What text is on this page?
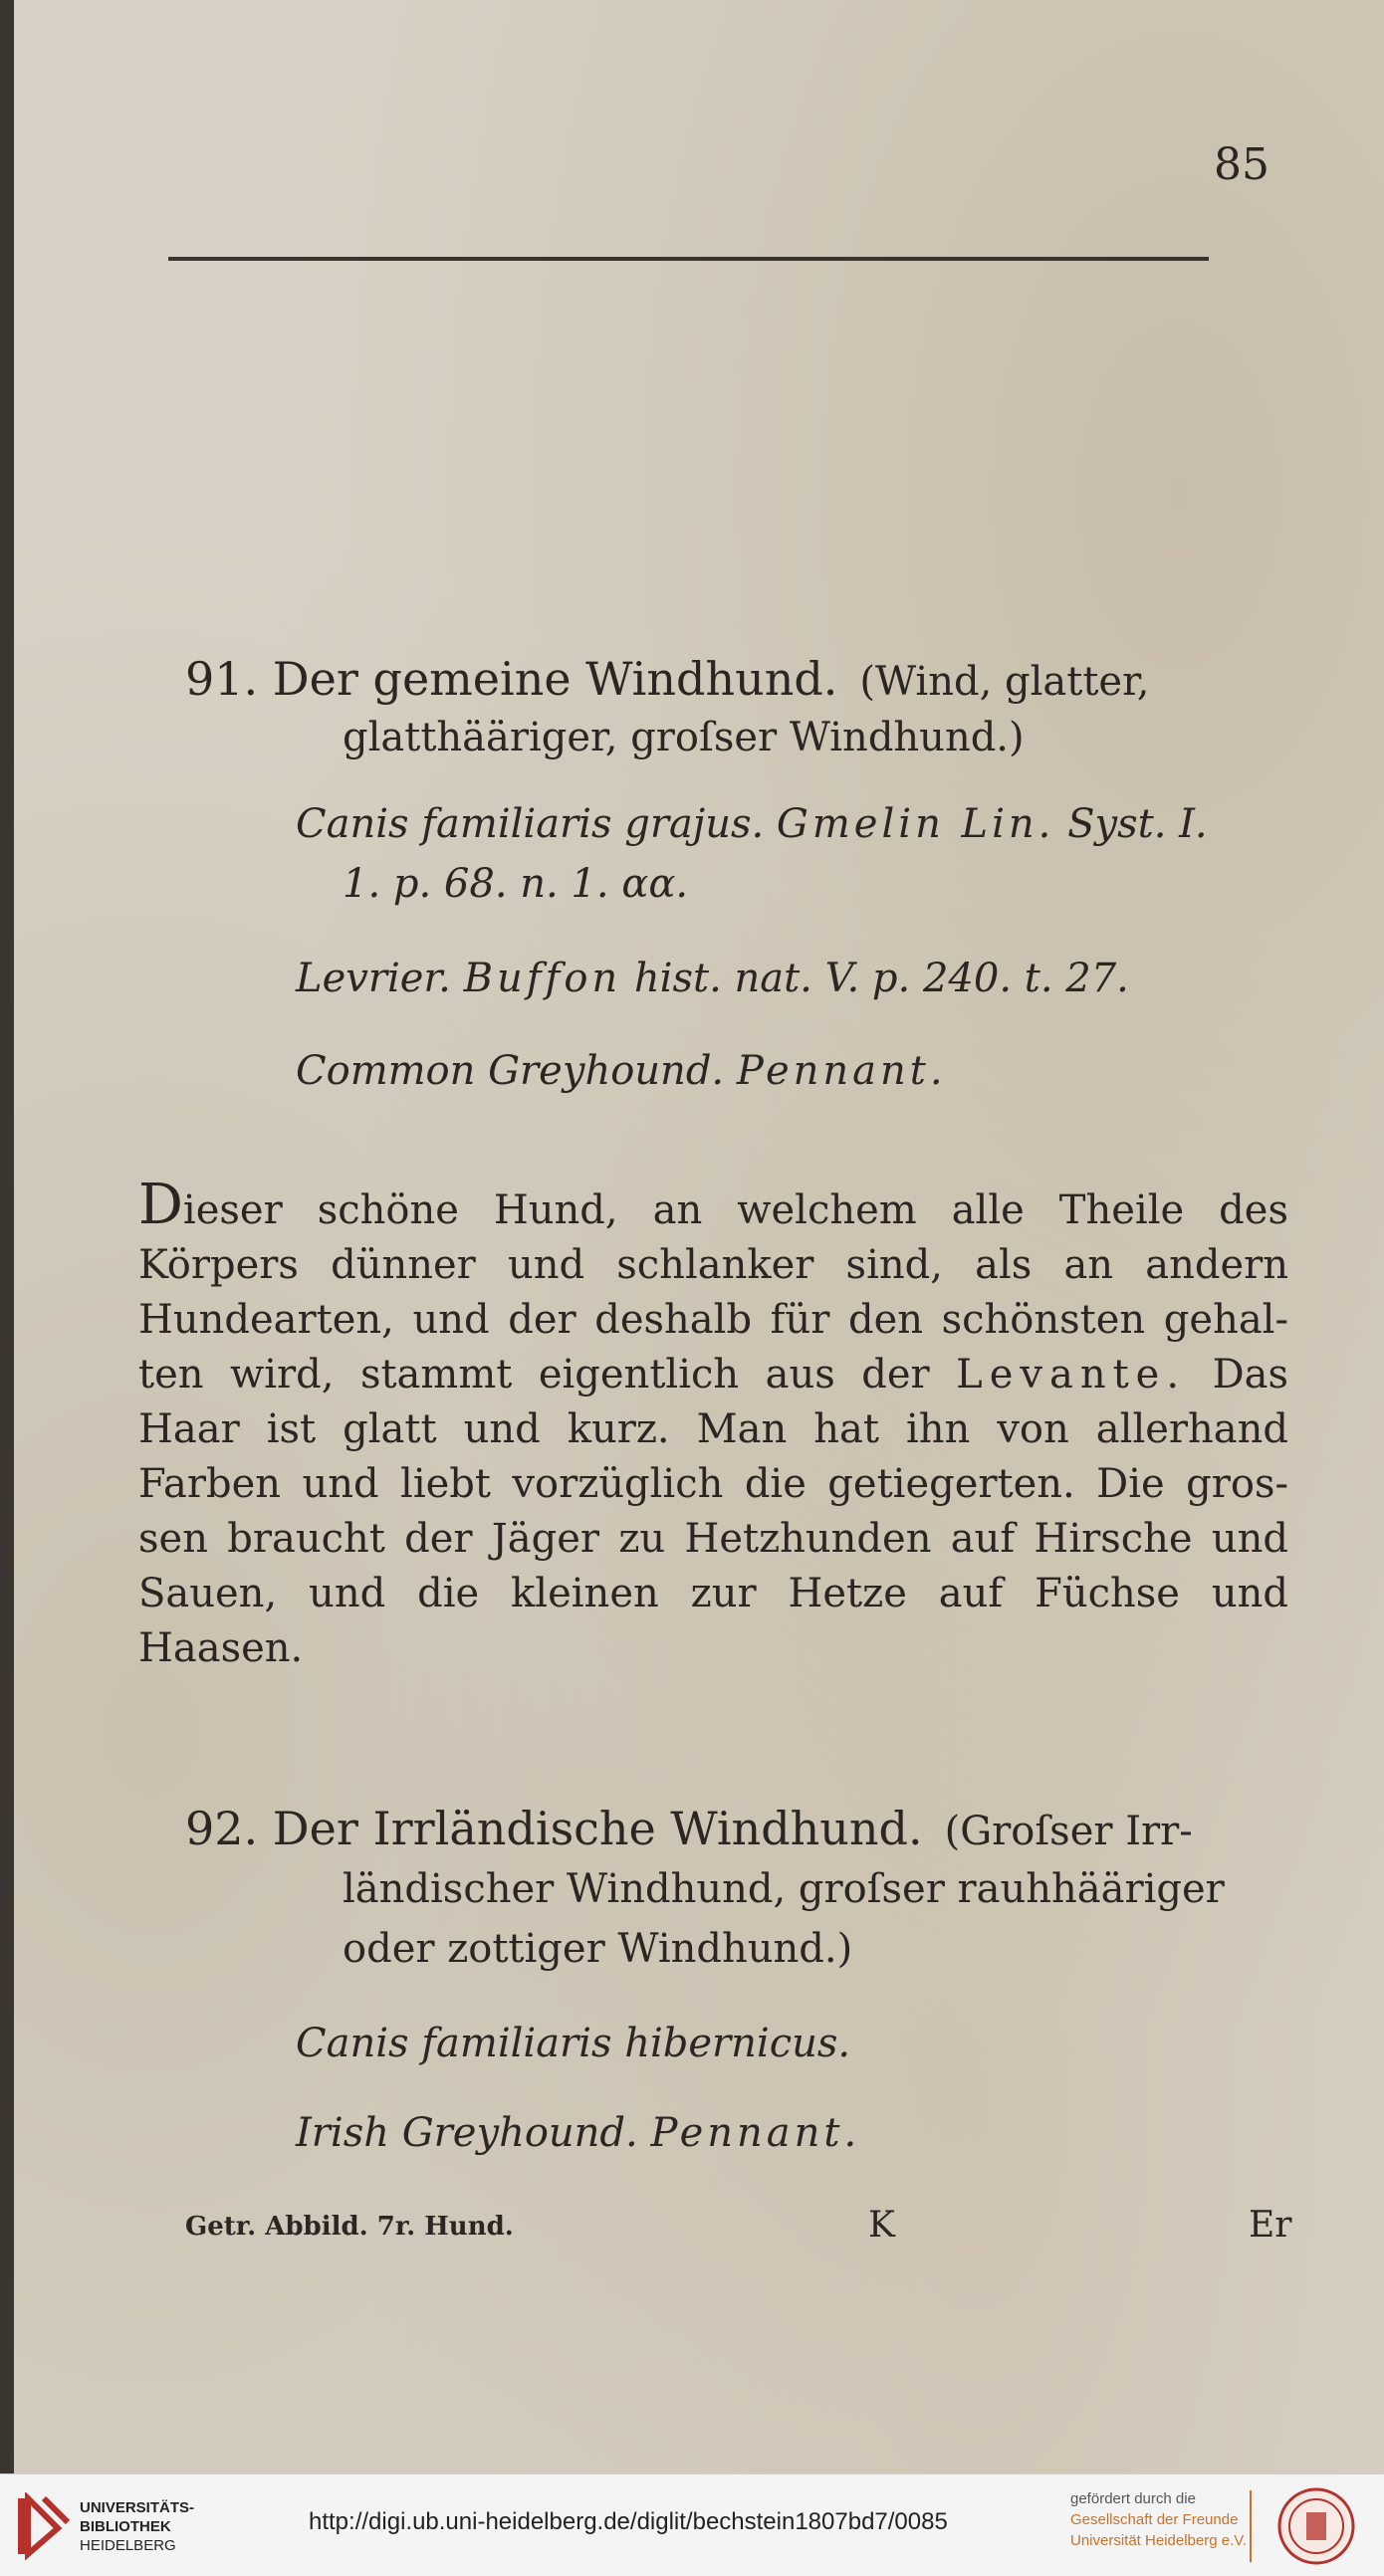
85
91. Der gemeine Windhund. (Wind, glatter,
glatthääriger, groſser Windhund.)
Canis familiaris grajus. Gmelin Lin. Syst. I.
1. p. 68. n. 1. αα.
Levrier. Buffon hist. nat. V. p. 240. t. 27.
Common Greyhound. Pennant.
Dieser schöne Hund, an welchem alle Theile des
Körpers dünner und schlanker sind, als an andern
Hundearten, und der deshalb für den schönsten gehal-
ten wird, stammt eigentlich aus der Levante. Das
Haar ist glatt und kurz. Man hat ihn von allerhand
Farben und liebt vorzüglich die getiegerten. Die gros-
sen braucht der Jäger zu Hetzhunden auf Hirsche und
Sauen, und die kleinen zur Hetze auf Füchse und
Haasen.
92. Der Irrländische Windhund. (Groſser Irr-
ländischer Windhund, groſser rauhhääriger
oder zottiger Windhund.)
Canis familiaris hibernicus.
Irish Greyhound. Pennant.
Getr. Abbild. 7r. Hund.	K	Er
UNIVERSITÄTS-
BIBLIOTHEK
HEIDELBERG
http://digi.ub.uni-heidelberg.de/diglit/bechstein1807bd7/0085
gefördert durch die
Gesellschaft der Freunde
Universität Heidelberg e.V.
